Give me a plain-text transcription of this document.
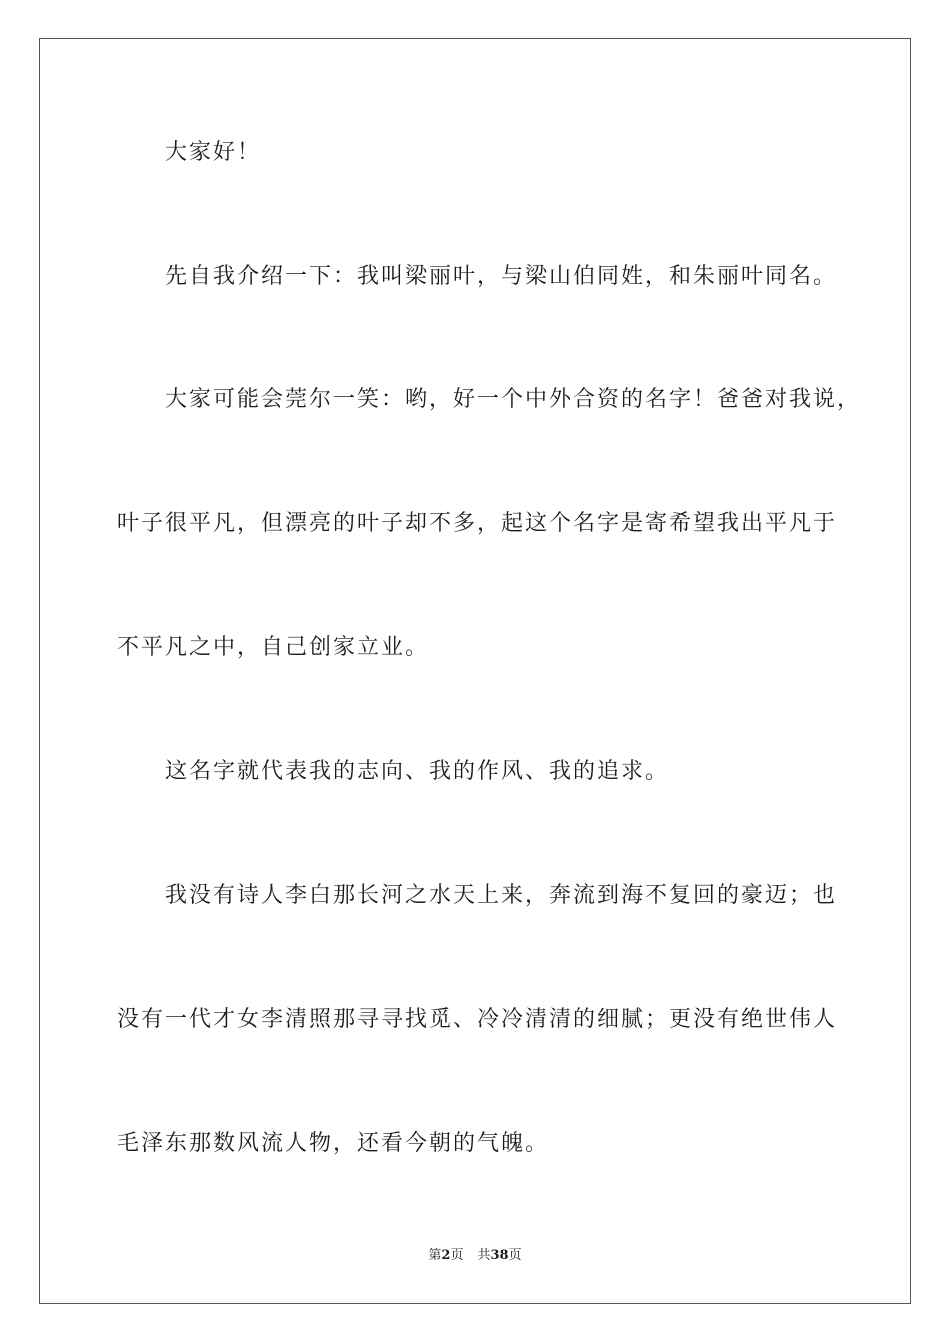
大家好！
先自我介绍一下：我叫梁丽叶，与梁山伯同姓，和朱丽叶同名。
大家可能会莞尔一笑：哟，好一个中外合资的名字！爸爸对我说，
叶子很平凡，但漂亮的叶子却不多，起这个名字是寄希望我出平凡于
不平凡之中，自己创家立业。
这名字就代表我的志向、我的作风、我的追求。
我没有诗人李白那长河之水天上来，奔流到海不复回的豪迈；也
没有一代才女李清照那寻寻找觅、冷冷清清的细腻；更没有绝世伟人
毛泽东那数风流人物，还看今朝的气魄。
第2页 共38页
